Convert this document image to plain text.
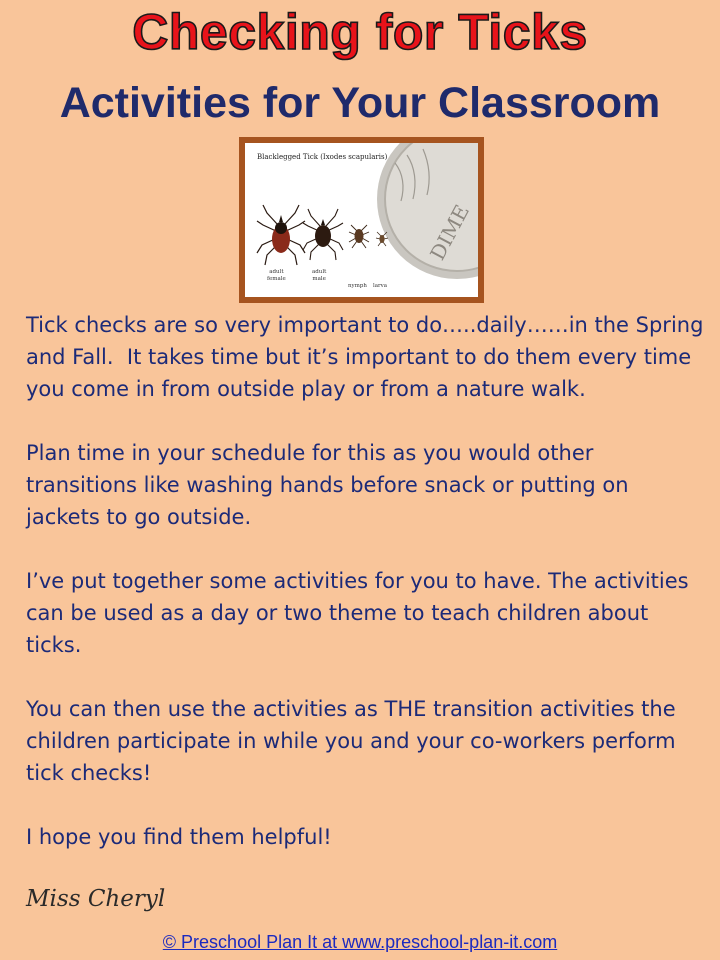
Checking for Ticks
Activities for Your Classroom
DIME
Blacklegged Tick (Ixodes scapularis)
adult
female
adult
male
nymph larva

Tick checks are so very important to do…..daily……in the Spring and Fall.  It takes time but it’s important to do them every time you come in from outside play or from a nature walk.

Plan time in your schedule for this as you would other transitions like washing hands before snack or putting on jackets to go outside.

I’ve put together some activities for you to have. The activities can be used as a day or two theme to teach children about ticks.

You can then use the activities as THE transition activities the children participate in while you and your co-workers perform tick checks!

I hope you find them helpful!

Miss Cheryl
© Preschool Plan It at www.preschool-plan-it.com
